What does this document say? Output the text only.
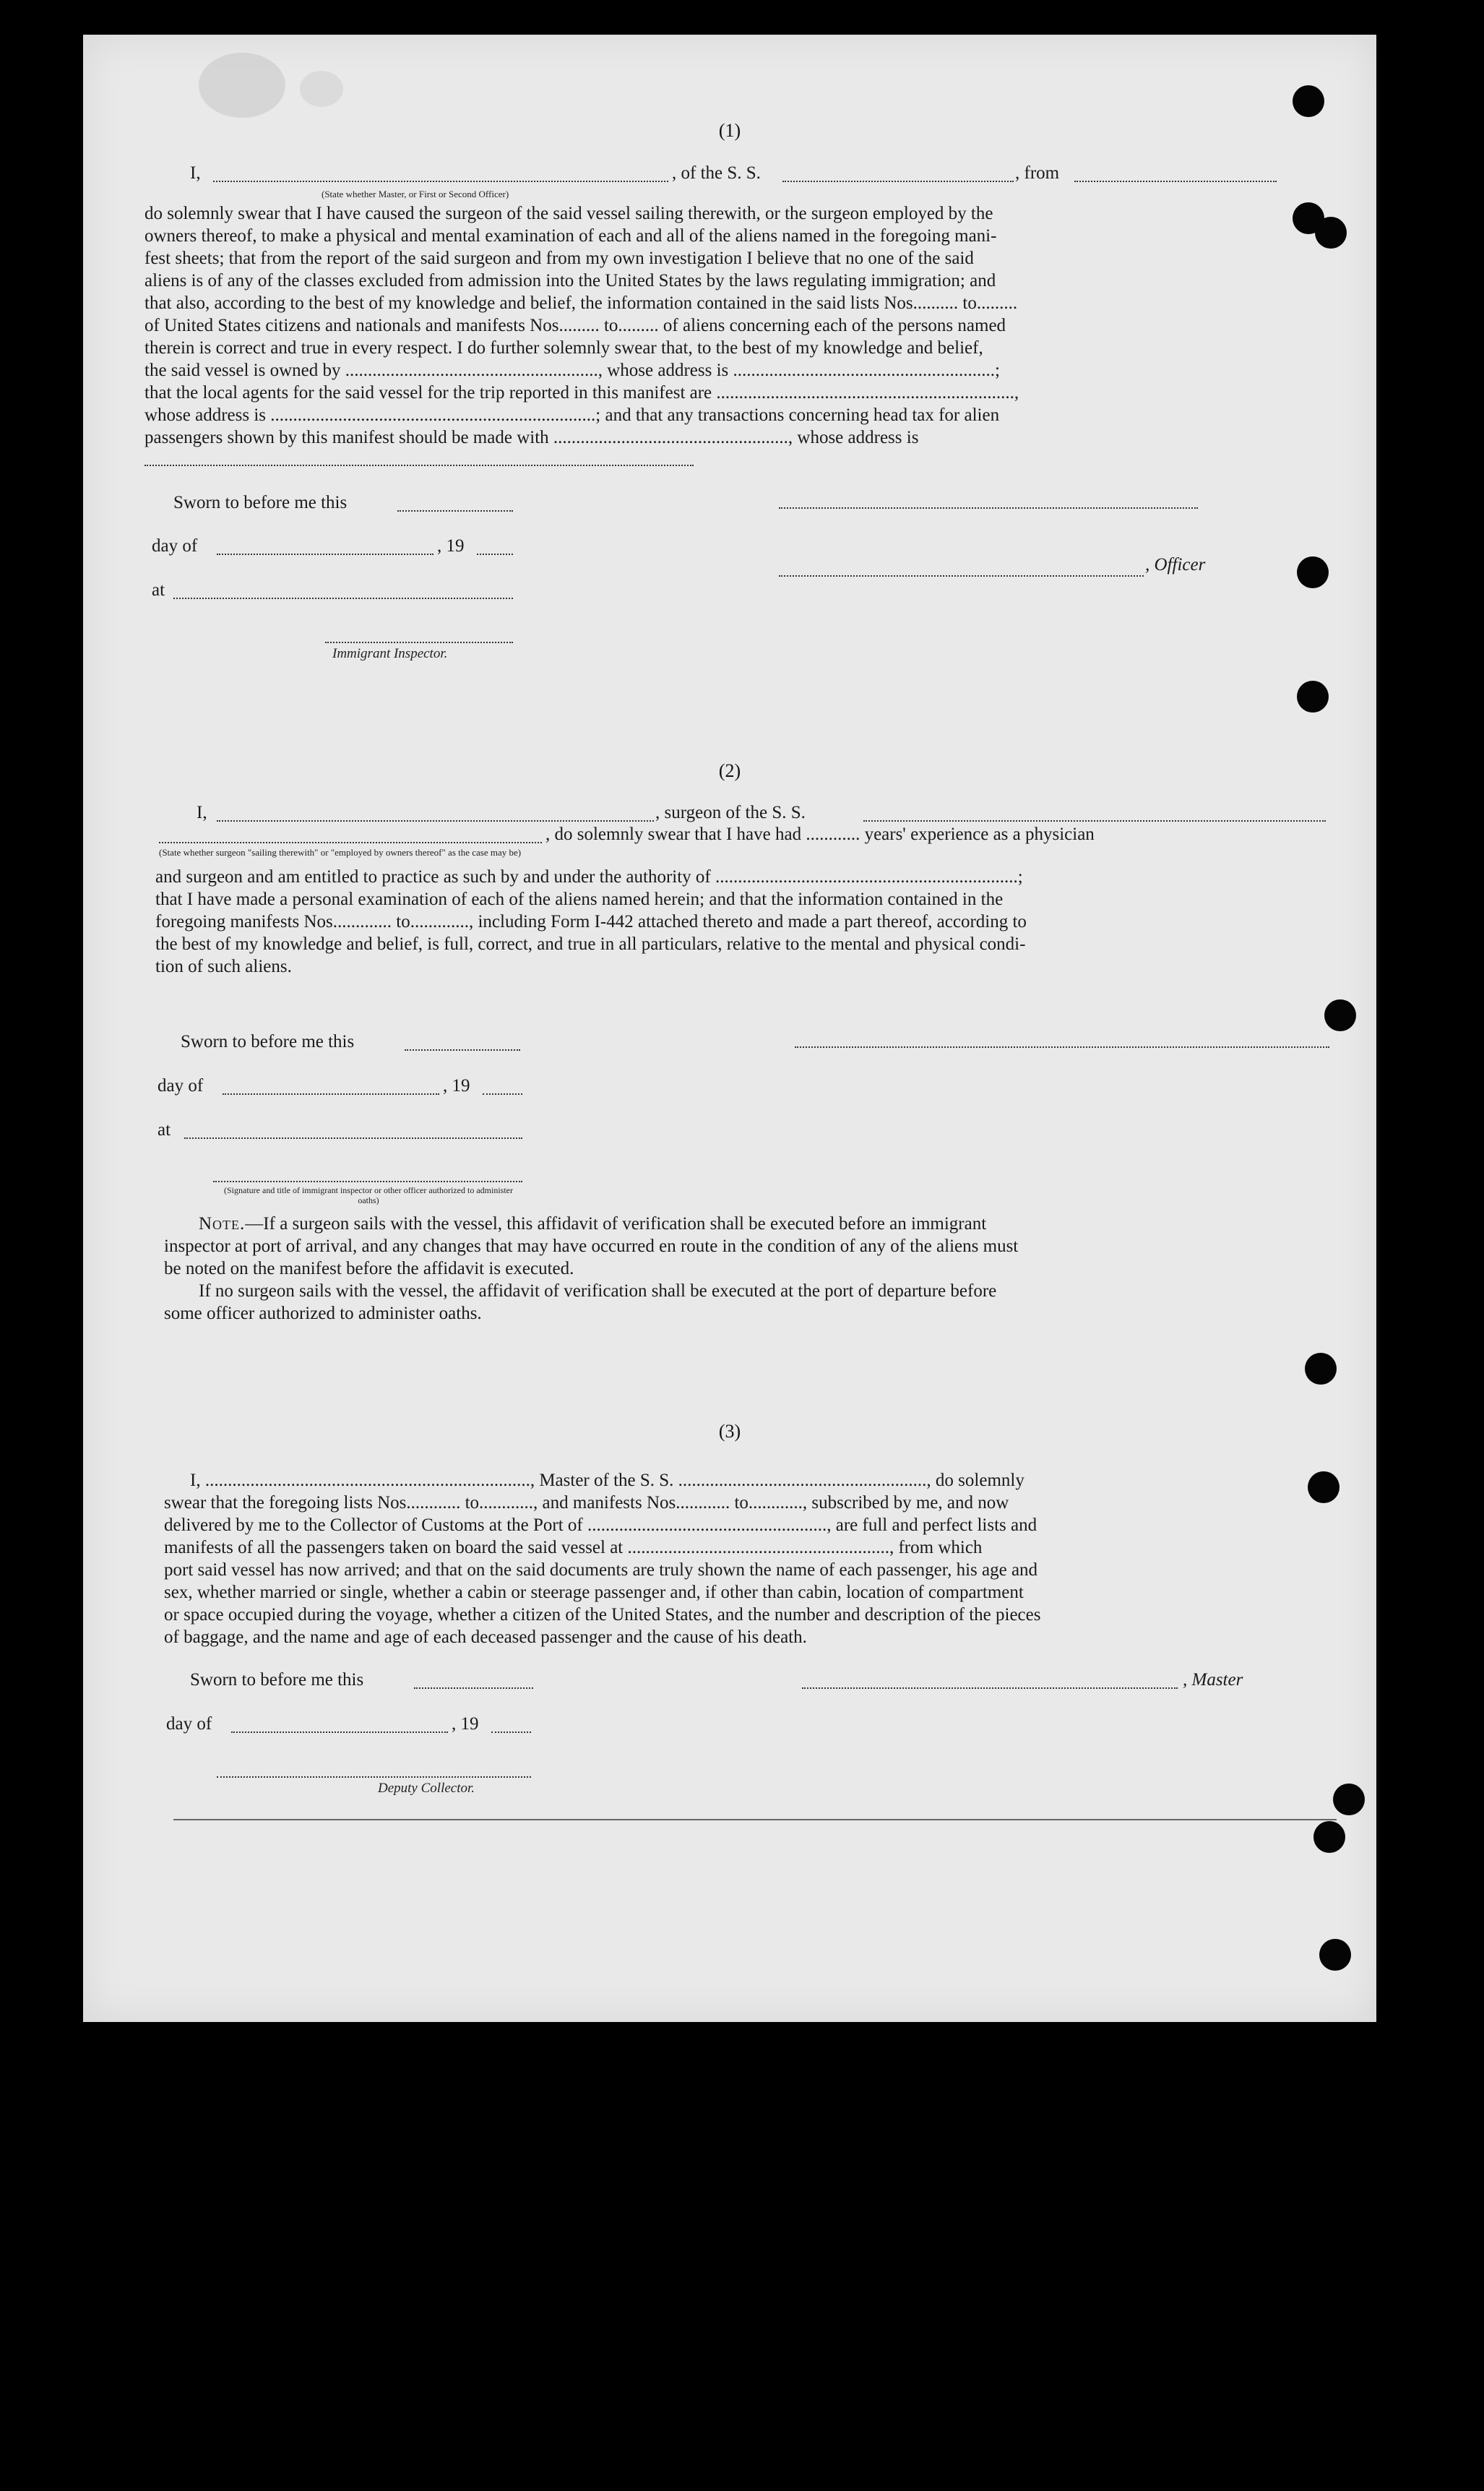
(1)
I,	, of the S. S.	, from
(State whether Master, or First or Second Officer)
do solemnly swear that I have caused the surgeon of the said vessel sailing therewith, or the surgeon employed by the
owners thereof, to make a physical and mental examination of each and all of the aliens named in the foregoing mani-
fest sheets; that from the report of the said surgeon and from my own investigation I believe that no one of the said
aliens is of any of the classes excluded from admission into the United States by the laws regulating immigration; and
that also, according to the best of my knowledge and belief, the information contained in the said lists Nos.......... to.........
of United States citizens and nationals and manifests Nos......... to......... of aliens concerning each of the persons named
therein is correct and true in every respect. I do further solemnly swear that, to the best of my knowledge and belief,
the said vessel is owned by ........................................................, whose address is ..........................................................;
that the local agents for the said vessel for the trip reported in this manifest are ..................................................................,
whose address is ........................................................................; and that any transactions concerning head tax for alien
passengers shown by this manifest should be made with ...................................................., whose address is
Sworn to before me this
day of	, 19
, Officer
at
Immigrant Inspector.
(2)
I,	, surgeon of the S. S.
, do solemnly swear that I have had ............ years' experience as a physician
(State whether surgeon "sailing therewith" or "employed by owners thereof" as the case may be)
and surgeon and am entitled to practice as such by and under the authority of ...................................................................;
that I have made a personal examination of each of the aliens named herein; and that the information contained in the
foregoing manifests Nos............. to............., including Form I-442 attached thereto and made a part thereof, according to
the best of my knowledge and belief, is full, correct, and true in all particulars, relative to the mental and physical condi-
tion of such aliens.
Sworn to before me this
day of	, 19
at
(Signature and title of immigrant inspector or other officer authorized to administer oaths)
Note.—If a surgeon sails with the vessel, this affidavit of verification shall be executed before an immigrant
inspector at port of arrival, and any changes that may have occurred en route in the condition of any of the aliens must
be noted on the manifest before the affidavit is executed.
If no surgeon sails with the vessel, the affidavit of verification shall be executed at the port of departure before
some officer authorized to administer oaths.
(3)
I, ........................................................................, Master of the S. S. ......................................................., do solemnly
swear that the foregoing lists Nos............ to............, and manifests Nos............ to............, subscribed by me, and now
delivered by me to the Collector of Customs at the Port of ....................................................., are full and perfect lists and
manifests of all the passengers taken on board the said vessel at .........................................................., from which
port said vessel has now arrived; and that on the said documents are truly shown the name of each passenger, his age and
sex, whether married or single, whether a cabin or steerage passenger and, if other than cabin, location of compartment
or space occupied during the voyage, whether a citizen of the United States, and the number and description of the pieces
of baggage, and the name and age of each deceased passenger and the cause of his death.
Sworn to before me this	, Master
day of	, 19
Deputy Collector.
